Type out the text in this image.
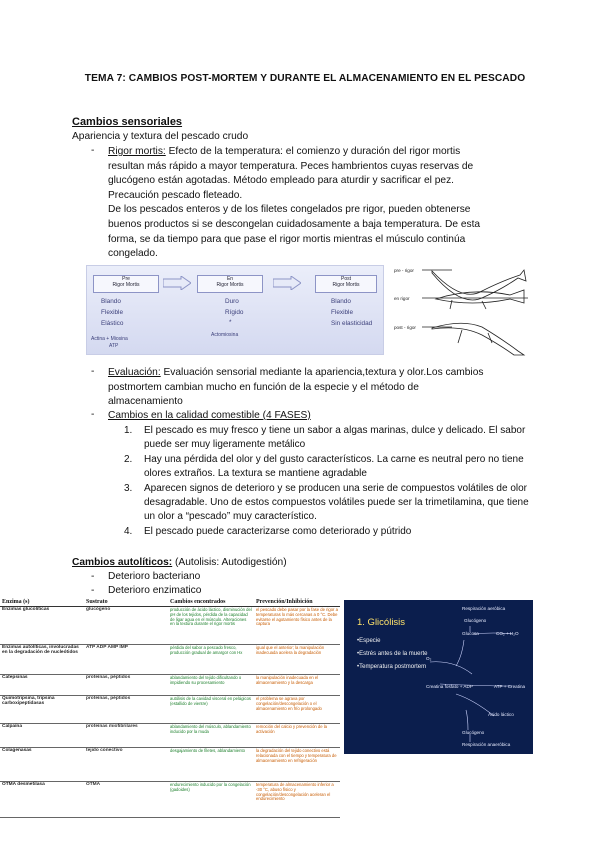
TEMA 7: CAMBIOS POST-MORTEM Y DURANTE EL ALMACENAMIENTO EN EL PESCADO
Cambios sensoriales
Apariencia y textura del pescado crudo
- Rigor mortis: Efecto de la temperatura: el comienzo y duración del rigor mortis
resultan más rápido a mayor temperatura. Peces hambrientos cuyas reservas de
glucógeno están agotadas. Método empleado para aturdir y sacrificar el pez.
Precaución pescado fleteado.
De los pescados enteros y de los filetes congelados pre rigor, pueden obtenerse
buenos productos si se descongelan cuidadosamente a baja temperatura. De esta
forma, se da tiempo para que pase el rigor mortis mientras el músculo continúa
congelado.
Pre
Rigor Mortis
En
Rigor Mortis
Post
Rigor Mortis
Blando
Flexible
Elástico
Duro
Rígido
*
Blando
Flexible
Sin elasticidad
Actina + Miosina
ATP
Actomiosina
pre - rigor
en rigor
post - rigor
- Evaluación: Evaluación sensorial mediante la apariencia,textura y olor.Los cambios
postmortem cambian mucho en función de la especie y el método de
almacenamiento
- Cambios en la calidad comestible (4 FASES)
1. El pescado es muy fresco y tiene un sabor a algas marinas, dulce y delicado. El sabor puede ser muy ligeramente metálico
2. Hay una pérdida del olor y del gusto característicos. La carne es neutral pero no tiene olores extraños. La textura se mantiene agradable
3. Aparecen signos de deterioro y se producen una serie de compuestos volátiles de olor desagradable. Uno de estos compuestos volátiles puede ser la trimetilamina, que tiene un olor a “pescado” muy característico.
4. El pescado puede caracterizarse como deteriorado y pútrido
Cambios autolíticos: (Autolisis: Autodigestión)
- Deterioro bacteriano
- Deterioro enzimatico
Enzima (s)	Sustrato	Cambios encontrados	Prevención/Inhibición
Enzimas glucolíticas	glucógeno	producción de ácido láctico, disminución del pH de los tejidos, pérdida de la capacidad de ligar agua en el músculo. Alteraciones en la textura durante el rigor mortis	el pescado debe pasar por la fase de rigor a temperaturas lo más cercanas a 0 °C. Debe evitarse el agotamiento físico antes de la captura
Enzimas autolíticas, involucradas en la degradación de nucleótidos	ATP ADP AMP IMP	pérdida del sabor a pescado fresco, producción gradual de amargor con Hx	igual que el anterior; la manipulación inadecuada acelera la degradación
Catepsinas	proteínas, péptidos	ablandamiento del tejido dificultando o impidiendo su procesamiento	la manipulación inadecuada en el almacenamiento y la descarga
Quimotripsina, tripsina carboxipeptidasas	proteínas, péptidos	autólisis de la cavidad visceral en pelágicos (estallido de vientre)	el problema se agrava por congelación/descongelación o el almacenamiento en frío prolongado
Calpaína	proteínas miofibrilares	ablandamiento del músculo, ablandamiento inducido por la muda	remoción del calcio y prevención de la activación
Colagenasas	tejido conectivo	desgajamiento de filetes, ablandamiento	la degradación del tejido conectivo está relacionada con el tiempo y temperatura de almacenamiento en refrigeración
OTMA desmetilasa	OTMA	endurecimiento inducido por la congelación (gadoides)	temperatura de almacenamiento inferior a -30 °C, abuso físico y congelación/descongelación aceleran el endurecimiento
1. Glicólisis
•Especie
•Estrés antes de la muerte
•Temperatura postmortem
Respiración aeróbica
Glucógeno
Glucosa	CO₂ + H₂O
O₂
Creatina fosfato + ADP	ATP + Creatina
Ácido láctico
Glucógeno
Respiración anaeróbica
